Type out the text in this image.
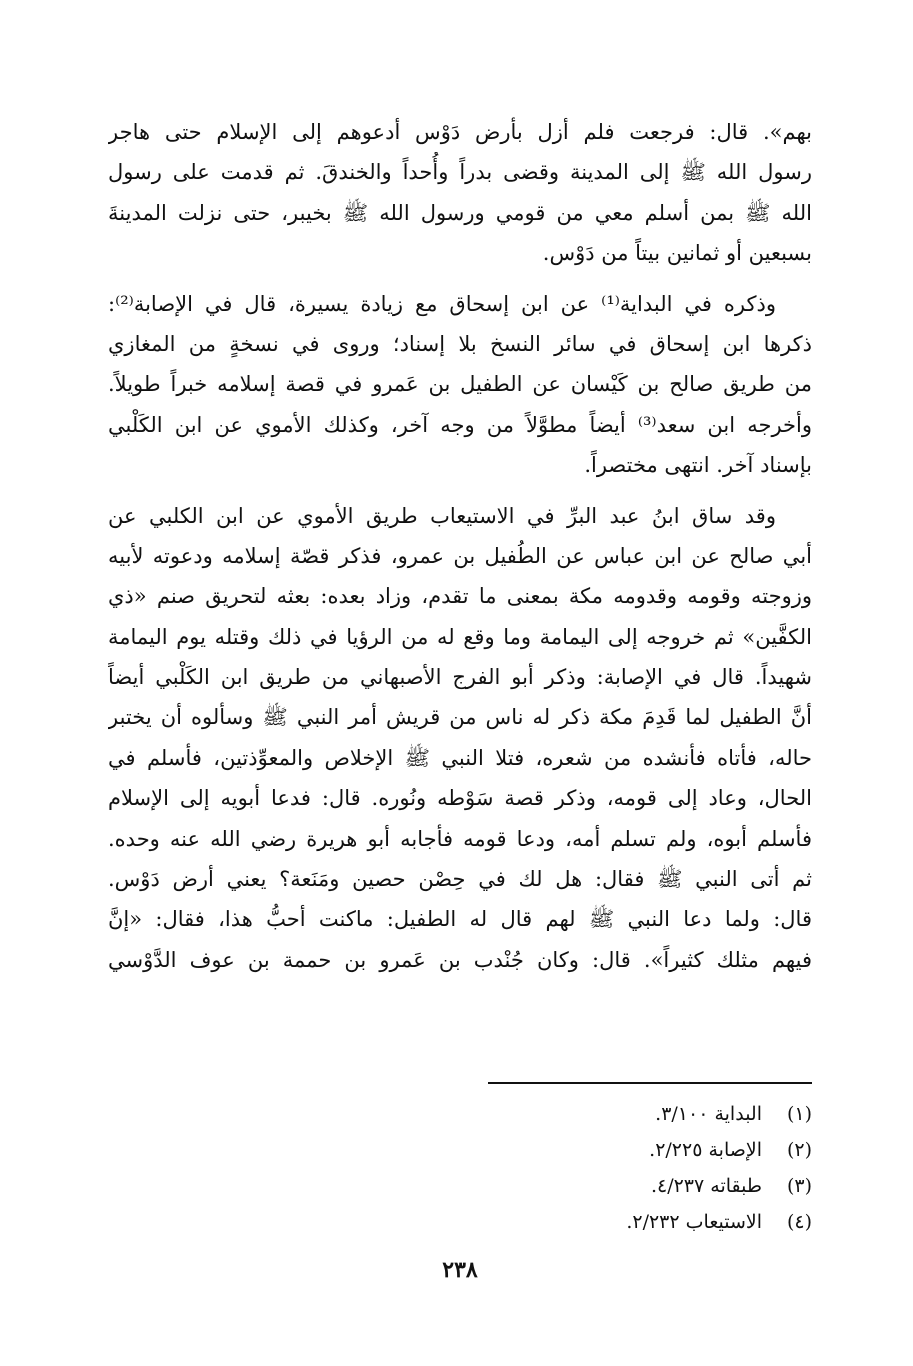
بهم». قال: فرجعت فلم أزل بأرض دَوْس أدعوهم إلى الإسلام حتى هاجر
رسول الله ﷺ إلى المدينة وقضى بدراً وأُحداً والخندقَ. ثم قدمت على رسول
الله ﷺ بمن أسلم معي من قومي ورسول الله ﷺ بخيبر، حتى نزلت المدينةَ
بسبعين أو ثمانين بيتاً من دَوْس.
وذكره في البداية⁽¹⁾ عن ابن إسحاق مع زيادة يسيرة، قال في الإصابة⁽²⁾:
ذكرها ابن إسحاق في سائر النسخ بلا إسناد؛ وروى في نسخةٍ من المغازي
من طريق صالح بن كَيْسان عن الطفيل بن عَمرو في قصة إسلامه خبراً طويلاً.
وأخرجه ابن سعد⁽³⁾ أيضاً مطوَّلاً من وجه آخر، وكذلك الأموي عن ابن الكَلْبي
بإسناد آخر. انتهى مختصراً.
وقد ساق ابنُ عبد البرِّ في الاستيعاب طريق الأموي عن ابن الكلبي عن
أبي صالح عن ابن عباس عن الطُفيل بن عمرو، فذكر قصّة إسلامه ودعوته لأبيه
وزوجته وقومه وقدومه مكة بمعنى ما تقدم، وزاد بعده: بعثه لتحريق صنم «ذي
الكفَّين» ثم خروجه إلى اليمامة وما وقع له من الرؤيا في ذلك وقتله يوم اليمامة
شهيداً. قال في الإصابة: وذكر أبو الفرج الأصبهاني من طريق ابن الكَلْبي أيضاً
أنَّ الطفيل لما قَدِمَ مكة ذكر له ناس من قريش أمر النبي ﷺ وسألوه أن يختبر
حاله، فأتاه فأنشده من شعره، فتلا النبي ﷺ الإخلاص والمعوِّذتين، فأسلم في
الحال، وعاد إلى قومه، وذكر قصة سَوْطه ونُوره. قال: فدعا أبويه إلى الإسلام
فأسلم أبوه، ولم تسلم أمه، ودعا قومه فأجابه أبو هريرة رضي الله عنه وحده.
ثم أتى النبي ﷺ فقال: هل لك في حِصْن حصين ومَنَعة؟ يعني أرض دَوْس.
قال: ولما دعا النبي ﷺ لهم قال له الطفيل: ماكنت أحبُّ هذا، فقال: «إنَّ
فيهم مثلك كثيراً». قال: وكان جُنْدب بن عَمرو بن حممة بن عوف الدَّوْسي
(١)
البداية ٣/١٠٠.
(٢)
الإصابة ٢/٢٢٥.
(٣)
طبقاته ٤/٢٣٧.
(٤)
الاستيعاب ٢/٢٣٢.
٢٣٨
